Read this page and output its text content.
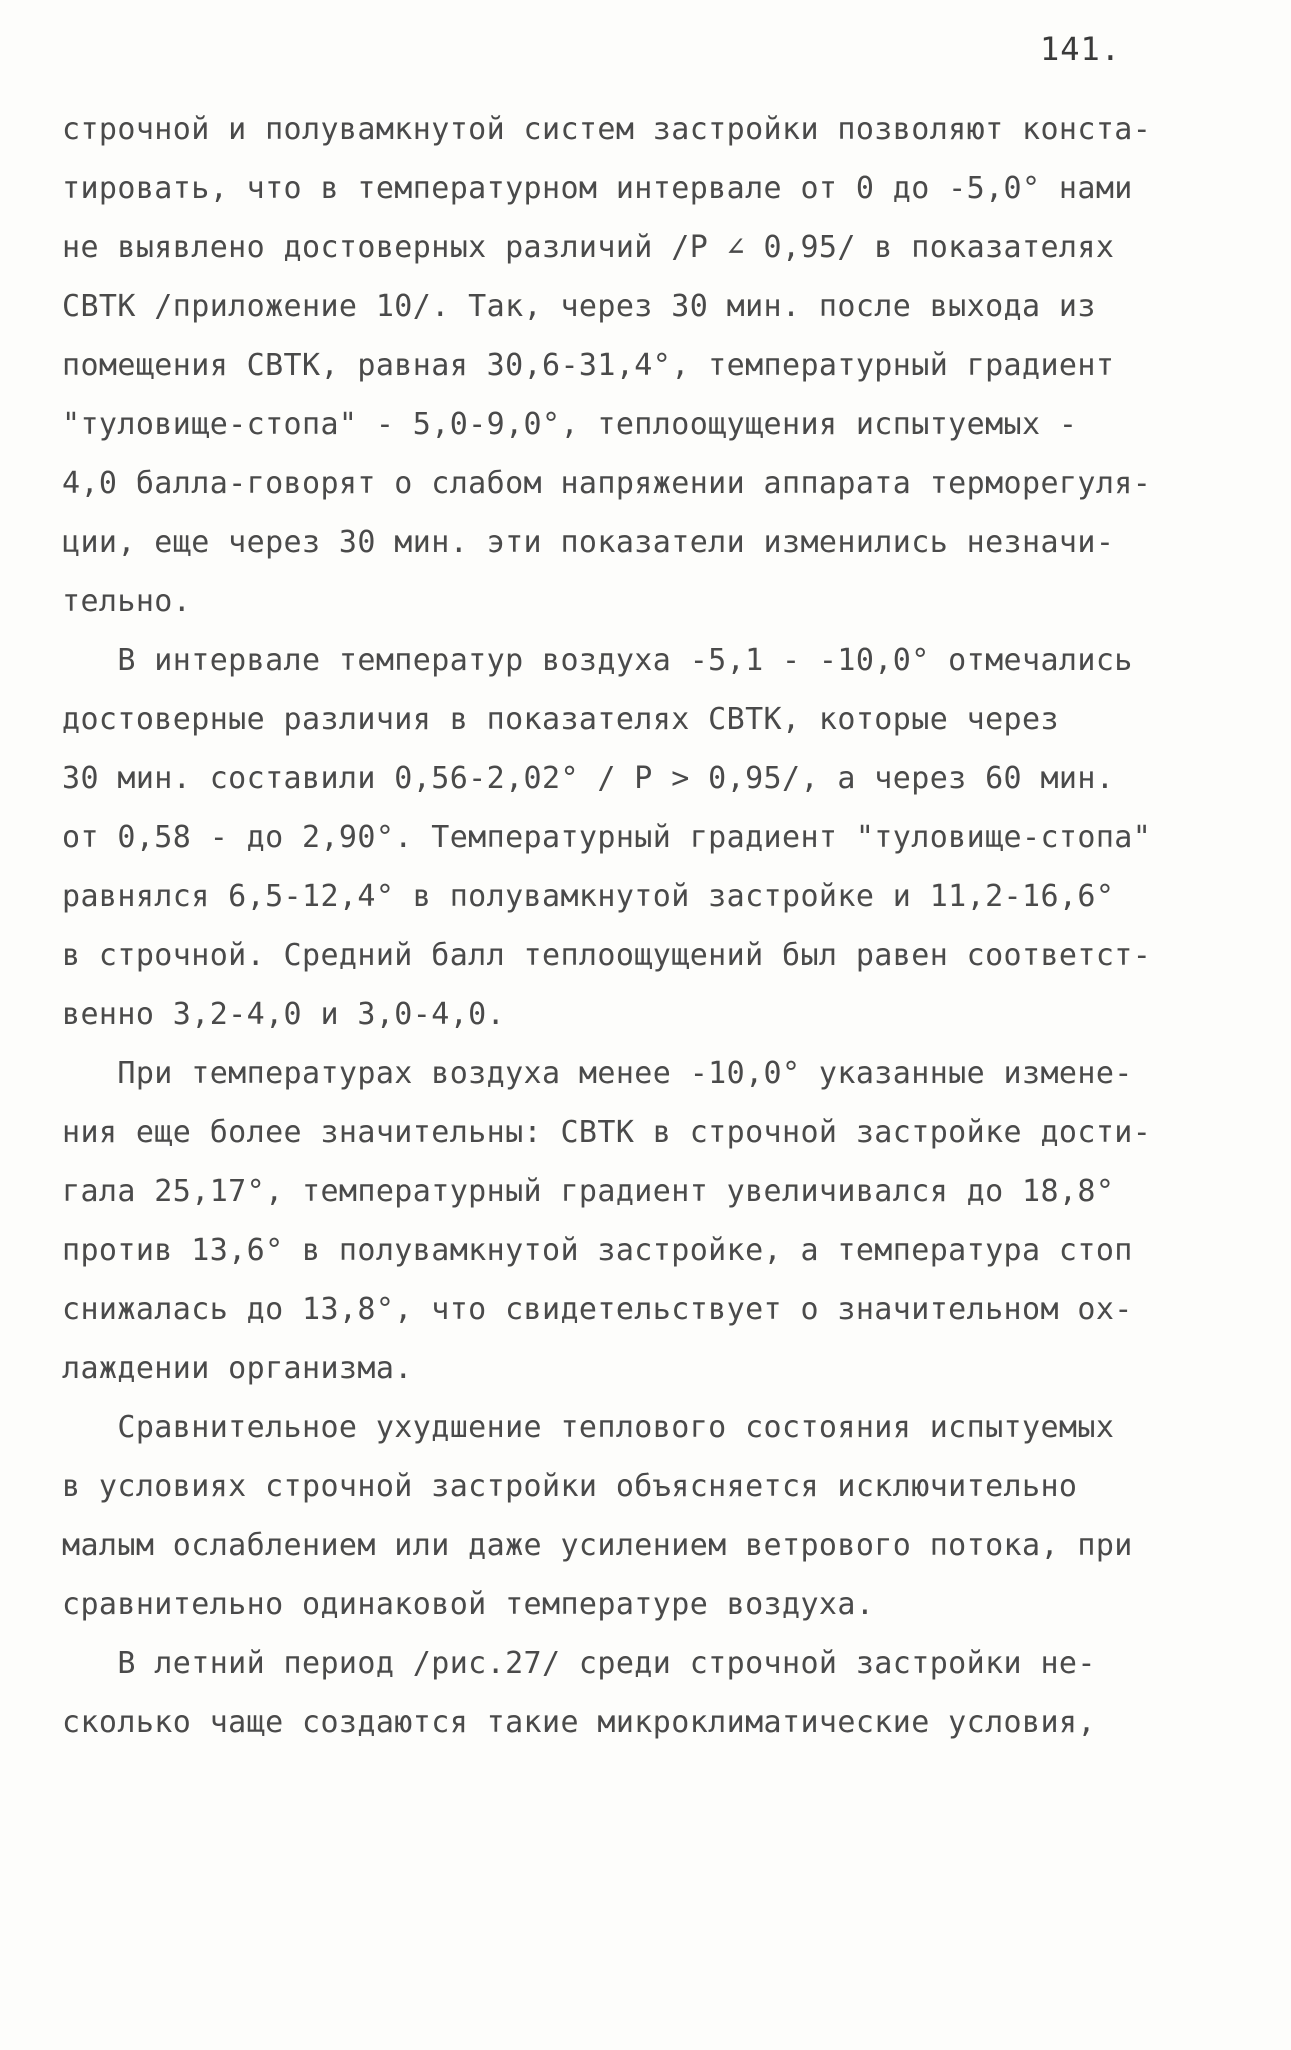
141.
строчной и полувамкнутой систем застройки позволяют конста-
тировать, что в температурном интервале от 0 до -5,0° нами
не выявлено достоверных различий /Р ∠ 0,95/ в показателях
СВТК /приложение 10/. Так, через 30 мин. после выхода из
помещения СВТК, равная 30,6-31,4°, температурный градиент
"туловище-стопа" - 5,0-9,0°, теплоощущения испытуемых -
4,0 балла-говорят о слабом напряжении аппарата терморегуля-
ции, еще через 30 мин. эти показатели изменились незначи-
тельно.
В интервале температур воздуха -5,1 - -10,0° отмечались
достоверные различия в показателях СВТК, которые через
30 мин. составили 0,56-2,02° / Р > 0,95/, а через 60 мин.
от 0,58 - до 2,90°. Температурный градиент "туловище-стопа"
равнялся 6,5-12,4° в полувамкнутой застройке и 11,2-16,6°
в строчной. Средний балл теплоощущений был равен соответст-
венно 3,2-4,0 и 3,0-4,0.
При температурах воздуха менее -10,0° указанные измене-
ния еще более значительны: СВТК в строчной застройке дости-
гала 25,17°, температурный градиент увеличивался до 18,8°
против 13,6° в полувамкнутой застройке, а температура стоп
снижалась до 13,8°, что свидетельствует о значительном ох-
лаждении организма.
Сравнительное ухудшение теплового состояния испытуемых
в условиях строчной застройки объясняется исключительно
малым ослаблением или даже усилением ветрового потока, при
сравнительно одинаковой температуре воздуха.
В летний период /рис.27/ среди строчной застройки не-
сколько чаще создаются такие микроклиматические условия,
